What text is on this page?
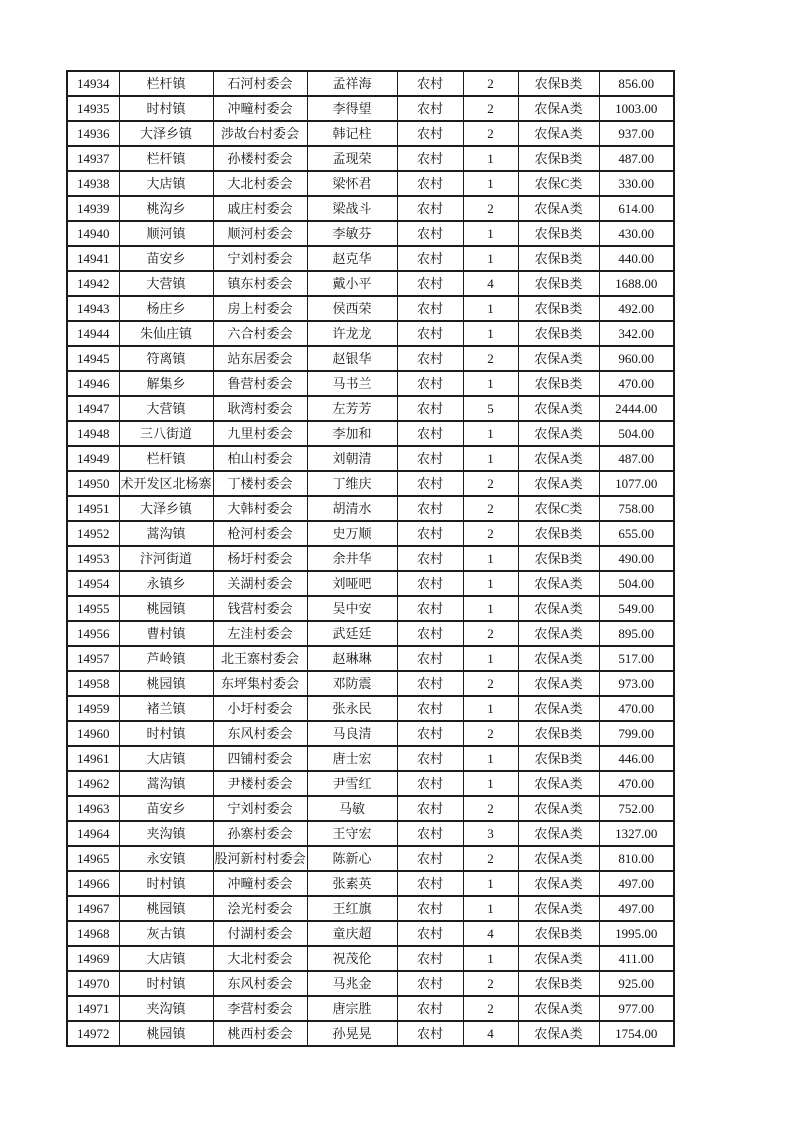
14934	栏杆镇	石河村委会	孟祥海	农村	2	农保B类	856.00
14935	时村镇	冲疃村委会	李得望	农村	2	农保A类	1003.00
14936	大泽乡镇	涉故台村委会	韩记柱	农村	2	农保A类	937.00
14937	栏杆镇	孙楼村委会	孟现荣	农村	1	农保B类	487.00
14938	大店镇	大北村委会	梁怀君	农村	1	农保C类	330.00
14939	桃沟乡	戚庄村委会	梁战斗	农村	2	农保A类	614.00
14940	顺河镇	顺河村委会	李敏芬	农村	1	农保B类	430.00
14941	苗安乡	宁刘村委会	赵克华	农村	1	农保B类	440.00
14942	大营镇	镇东村委会	戴小平	农村	4	农保B类	1688.00
14943	杨庄乡	房上村委会	侯西荣	农村	1	农保B类	492.00
14944	朱仙庄镇	六合村委会	许龙龙	农村	1	农保B类	342.00
14945	符离镇	站东居委会	赵银华	农村	2	农保A类	960.00
14946	解集乡	鲁营村委会	马书兰	农村	1	农保B类	470.00
14947	大营镇	耿湾村委会	左芳芳	农村	5	农保A类	2444.00
14948	三八街道	九里村委会	李加和	农村	1	农保A类	504.00
14949	栏杆镇	柏山村委会	刘朝清	农村	1	农保A类	487.00
14950	术开发区北杨寨	丁楼村委会	丁维庆	农村	2	农保A类	1077.00
14951	大泽乡镇	大韩村委会	胡清水	农村	2	农保C类	758.00
14952	蒿沟镇	枪河村委会	史万顺	农村	2	农保B类	655.00
14953	汴河街道	杨圩村委会	余井华	农村	1	农保B类	490.00
14954	永镇乡	关湖村委会	刘哑吧	农村	1	农保A类	504.00
14955	桃园镇	钱营村委会	吴中安	农村	1	农保A类	549.00
14956	曹村镇	左洼村委会	武廷廷	农村	2	农保A类	895.00
14957	芦岭镇	北王寨村委会	赵琳琳	农村	1	农保A类	517.00
14958	桃园镇	东坪集村委会	邓防震	农村	2	农保A类	973.00
14959	褚兰镇	小圩村委会	张永民	农村	1	农保A类	470.00
14960	时村镇	东风村委会	马良清	农村	2	农保B类	799.00
14961	大店镇	四铺村委会	唐士宏	农村	1	农保B类	446.00
14962	蒿沟镇	尹楼村委会	尹雪红	农村	1	农保A类	470.00
14963	苗安乡	宁刘村委会	马敏	农村	2	农保A类	752.00
14964	夹沟镇	孙寨村委会	王守宏	农村	3	农保A类	1327.00
14965	永安镇	股河新村村委会	陈新心	农村	2	农保A类	810.00
14966	时村镇	冲疃村委会	张素英	农村	1	农保A类	497.00
14967	桃园镇	浍光村委会	王红旗	农村	1	农保A类	497.00
14968	灰古镇	付湖村委会	童庆超	农村	4	农保B类	1995.00
14969	大店镇	大北村委会	祝茂伦	农村	1	农保A类	411.00
14970	时村镇	东风村委会	马兆金	农村	2	农保B类	925.00
14971	夹沟镇	李营村委会	唐宗胜	农村	2	农保A类	977.00
14972	桃园镇	桃西村委会	孙晃晃	农村	4	农保A类	1754.00
